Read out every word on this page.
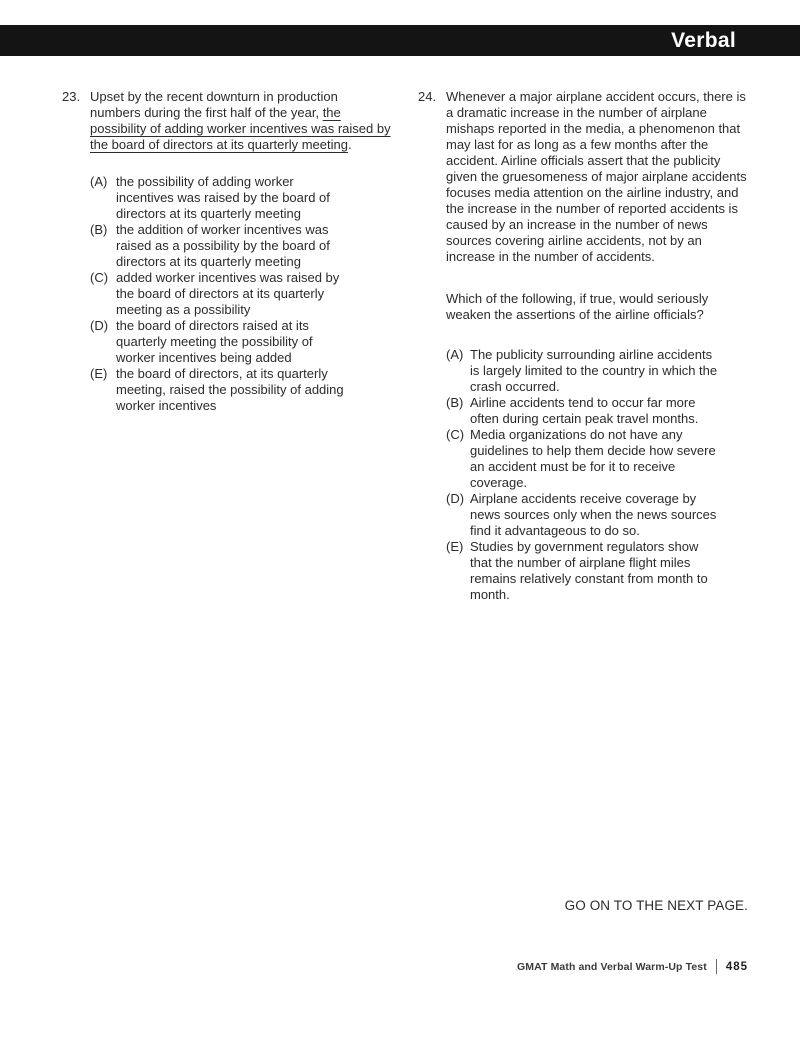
Verbal
23. Upset by the recent downturn in production numbers during the first half of the year, the possibility of adding worker incentives was raised by the board of directors at its quarterly meeting.

(A) the possibility of adding worker incentives was raised by the board of directors at its quarterly meeting
(B) the addition of worker incentives was raised as a possibility by the board of directors at its quarterly meeting
(C) added worker incentives was raised by the board of directors at its quarterly meeting as a possibility
(D) the board of directors raised at its quarterly meeting the possibility of worker incentives being added
(E) the board of directors, at its quarterly meeting, raised the possibility of adding worker incentives
24. Whenever a major airplane accident occurs, there is a dramatic increase in the number of airplane mishaps reported in the media, a phenomenon that may last for as long as a few months after the accident. Airline officials assert that the publicity given the gruesomeness of major airplane accidents focuses media attention on the airline industry, and the increase in the number of reported accidents is caused by an increase in the number of news sources covering airline accidents, not by an increase in the number of accidents.

Which of the following, if true, would seriously weaken the assertions of the airline officials?

(A) The publicity surrounding airline accidents is largely limited to the country in which the crash occurred.
(B) Airline accidents tend to occur far more often during certain peak travel months.
(C) Media organizations do not have any guidelines to help them decide how severe an accident must be for it to receive coverage.
(D) Airplane accidents receive coverage by news sources only when the news sources find it advantageous to do so.
(E) Studies by government regulators show that the number of airplane flight miles remains relatively constant from month to month.
GO ON TO THE NEXT PAGE.
GMAT Math and Verbal Warm-Up Test 485
